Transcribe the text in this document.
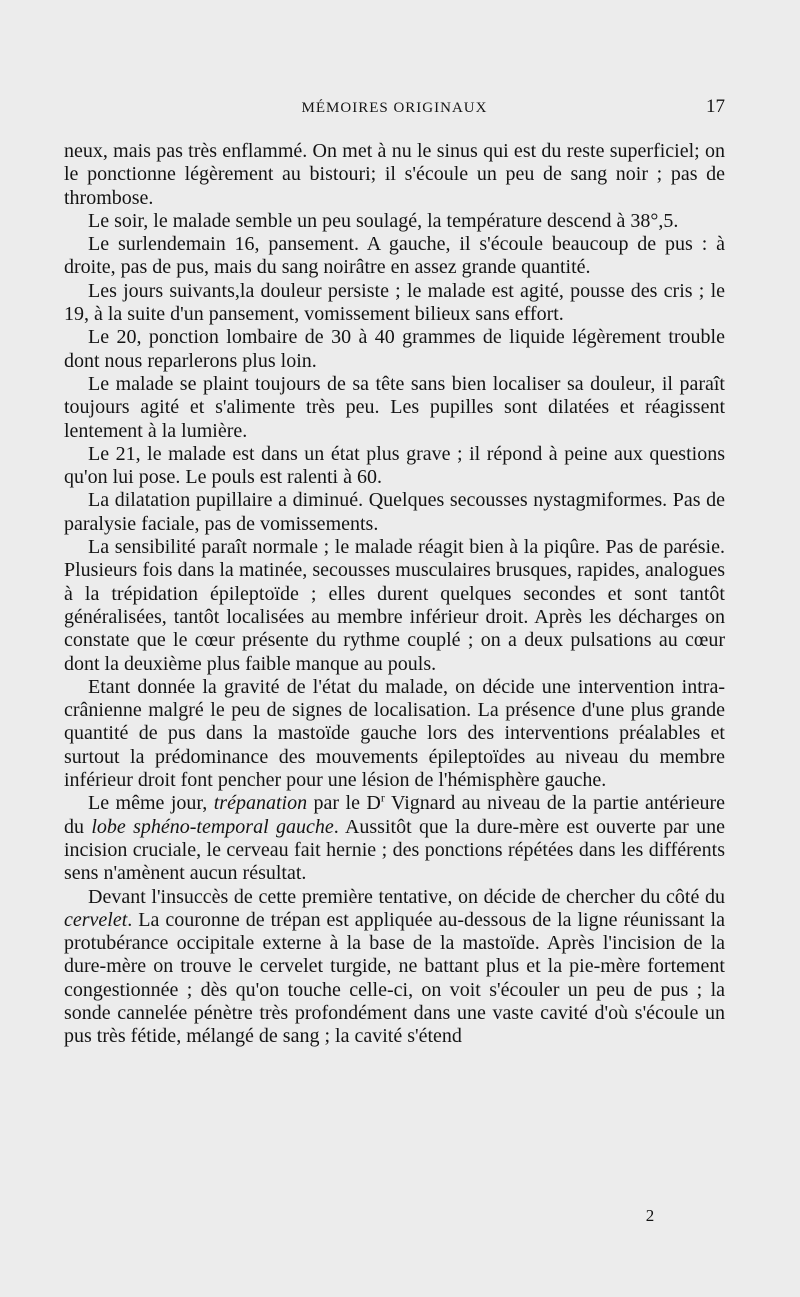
MÉMOIRES ORIGINAUX	17

neux, mais pas très enflammé. On met à nu le sinus qui est du reste superficiel; on le ponctionne légèrement au bistouri; il s'écoule un peu de sang noir ; pas de thrombose.

Le soir, le malade semble un peu soulagé, la température descend à 38°,5.

Le surlendemain 16, pansement. A gauche, il s'écoule beaucoup de pus : à droite, pas de pus, mais du sang noirâtre en assez grande quantité.

Les jours suivants,la douleur persiste ; le malade est agité, pousse des cris ; le 19, à la suite d'un pansement, vomissement bilieux sans effort.

Le 20, ponction lombaire de 30 à 40 grammes de liquide légèrement trouble dont nous reparlerons plus loin.

Le malade se plaint toujours de sa tête sans bien localiser sa douleur, il paraît toujours agité et s'alimente très peu. Les pupilles sont dilatées et réagissent lentement à la lumière.

Le 21, le malade est dans un état plus grave ; il répond à peine aux questions qu'on lui pose. Le pouls est ralenti à 60.

La dilatation pupillaire a diminué. Quelques secousses nystagmiformes. Pas de paralysie faciale, pas de vomissements.

La sensibilité paraît normale ; le malade réagit bien à la piqûre. Pas de parésie. Plusieurs fois dans la matinée, secousses musculaires brusques, rapides, analogues à la trépidation épileptoïde ; elles durent quelques secondes et sont tantôt généralisées, tantôt localisées au membre inférieur droit. Après les décharges on constate que le cœur présente du rythme couplé ; on a deux pulsations au cœur dont la deuxième plus faible manque au pouls.

Etant donnée la gravité de l'état du malade, on décide une intervention intra-crânienne malgré le peu de signes de localisation. La présence d'une plus grande quantité de pus dans la mastoïde gauche lors des interventions préalables et surtout la prédominance des mouvements épileptoïdes au niveau du membre inférieur droit font pencher pour une lésion de l'hémisphère gauche.

Le même jour, trépanation par le $D^r$ Vignard au niveau de la partie antérieure du lobe sphéno-temporal gauche. Aussitôt que la dure-mère est ouverte par une incision cruciale, le cerveau fait hernie ; des ponctions répétées dans les différents sens n'amènent aucun résultat.

Devant l'insuccès de cette première tentative, on décide de chercher du côté du cervelet. La couronne de trépan est appliquée au-dessous de la ligne réunissant la protubérance occipitale externe à la base de la mastoïde. Après l'incision de la dure-mère on trouve le cervelet turgide, ne battant plus et la pie-mère fortement congestionnée ; dès qu'on touche celle-ci, on voit s'écouler un peu de pus ; la sonde cannelée pénètre très profondément dans une vaste cavité d'où s'écoule un pus très fétide, mélangé de sang ; la cavité s'étend

2
